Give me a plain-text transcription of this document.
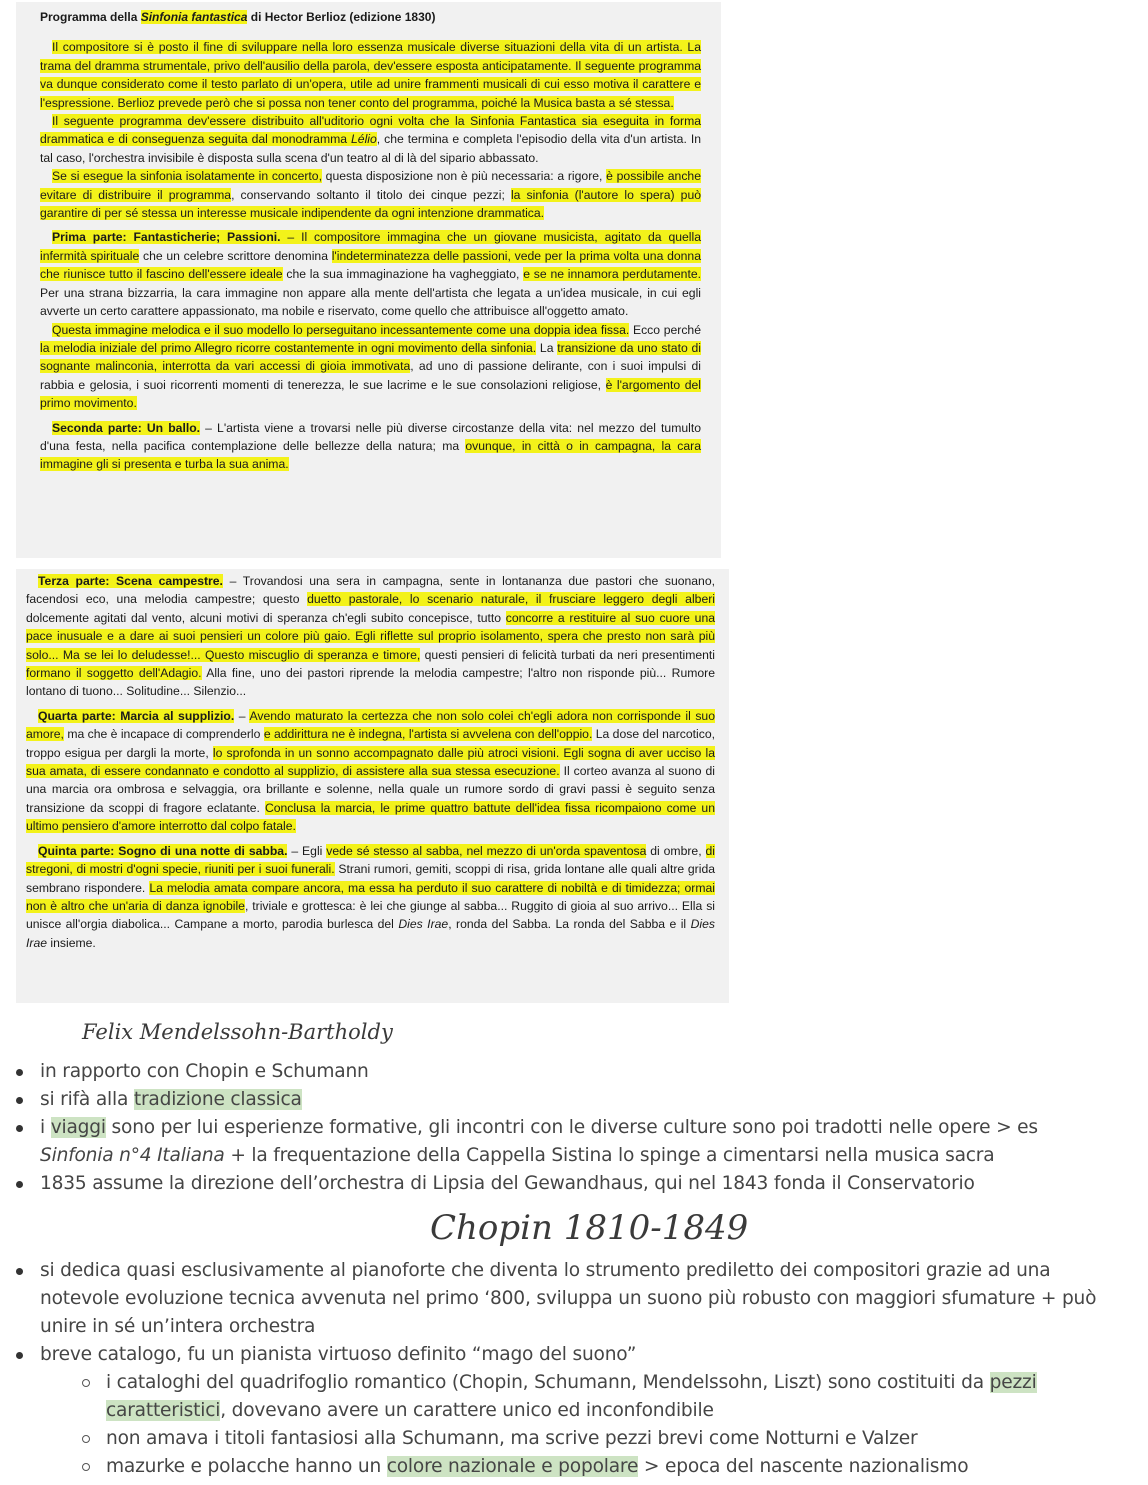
Programma della Sinfonia fantastica di Hector Berlioz (edizione 1830)

Il compositore si è posto il fine di sviluppare nella loro essenza musicale diverse situazioni della vita di un artista. La trama del dramma strumentale, privo dell'ausilio della parola, dev'essere esposta anticipatamente. Il seguente programma va dunque considerato come il testo parlato di un'opera, utile ad unire frammenti musicali di cui esso motiva il carattere e l'espressione. Berlioz prevede però che si possa non tener conto del programma, poiché la Musica basta a sé stessa.

Il seguente programma dev'essere distribuito all'uditorio ogni volta che la Sinfonia Fantastica sia eseguita in forma drammatica e di conseguenza seguita dal monodramma Lélio, che termina e completa l'episodio della vita d'un artista. In tal caso, l'orchestra invisibile è disposta sulla scena d'un teatro al di là del sipario abbassato.

Se si esegue la sinfonia isolatamente in concerto, questa disposizione non è più necessaria: a rigore, è possibile anche evitare di distribuire il programma, conservando soltanto il titolo dei cinque pezzi; la sinfonia (l'autore lo spera) può garantire di per sé stessa un interesse musicale indipendente da ogni intenzione drammatica.

Prima parte: Fantasticherie; Passioni. – Il compositore immagina che un giovane musicista, agitato da quella infermità spirituale che un celebre scrittore denomina l'indeterminatezza delle passioni, vede per la prima volta una donna che riunisce tutto il fascino dell'essere ideale che la sua immaginazione ha vagheggiato, e se ne innamora perdutamente. Per una strana bizzarria, la cara immagine non appare alla mente dell'artista che legata a un'idea musicale, in cui egli avverte un certo carattere appassionato, ma nobile e riservato, come quello che attribuisce all'oggetto amato.

Questa immagine melodica e il suo modello lo perseguitano incessantemente come una doppia idea fissa. Ecco perché la melodia iniziale del primo Allegro ricorre costantemente in ogni movimento della sinfonia. La transizione da uno stato di sognante malinconia, interrotta da vari accessi di gioia immotivata, ad uno di passione delirante, con i suoi impulsi di rabbia e gelosia, i suoi ricorrenti momenti di tenerezza, le sue lacrime e le sue consolazioni religiose, è l'argomento del primo movimento.

Seconda parte: Un ballo. – L'artista viene a trovarsi nelle più diverse circostanze della vita: nel mezzo del tumulto d'una festa, nella pacifica contemplazione delle bellezze della natura; ma ovunque, in città o in campagna, la cara immagine gli si presenta e turba la sua anima.

Terza parte: Scena campestre. – Trovandosi una sera in campagna, sente in lontananza due pastori che suonano, facendosi eco, una melodia campestre; questo duetto pastorale, lo scenario naturale, il frusciare leggero degli alberi dolcemente agitati dal vento, alcuni motivi di speranza ch'egli subito concepisce, tutto concorre a restituire al suo cuore una pace inusuale e a dare ai suoi pensieri un colore più gaio. Egli riflette sul proprio isolamento, spera che presto non sarà più solo... Ma se lei lo deludesse!... Questo miscuglio di speranza e timore, questi pensieri di felicità turbati da neri presentimenti formano il soggetto dell'Adagio. Alla fine, uno dei pastori riprende la melodia campestre; l'altro non risponde più... Rumore lontano di tuono... Solitudine... Silenzio...

Quarta parte: Marcia al supplizio. – Avendo maturato la certezza che non solo colei ch'egli adora non corrisponde il suo amore, ma che è incapace di comprenderlo e addirittura ne è indegna, l'artista si avvelena con dell'oppio. La dose del narcotico, troppo esigua per dargli la morte, lo sprofonda in un sonno accompagnato dalle più atroci visioni. Egli sogna di aver ucciso la sua amata, di essere condannato e condotto al supplizio, di assistere alla sua stessa esecuzione. Il corteo avanza al suono di una marcia ora ombrosa e selvaggia, ora brillante e solenne, nella quale un rumore sordo di gravi passi è seguito senza transizione da scoppi di fragore eclatante. Conclusa la marcia, le prime quattro battute dell'idea fissa ricompaiono come un ultimo pensiero d'amore interrotto dal colpo fatale.

Quinta parte: Sogno di una notte di sabba. – Egli vede sé stesso al sabba, nel mezzo di un'orda spaventosa di ombre, di stregoni, di mostri d'ogni specie, riuniti per i suoi funerali. Strani rumori, gemiti, scoppi di risa, grida lontane alle quali altre grida sembrano rispondere. La melodia amata compare ancora, ma essa ha perduto il suo carattere di nobiltà e di timidezza; ormai non è altro che un'aria di danza ignobile, triviale e grottesca: è lei che giunge al sabba... Ruggito di gioia al suo arrivo... Ella si unisce all'orgia diabolica... Campane a morto, parodia burlesca del Dies Irae, ronda del Sabba. La ronda del Sabba e il Dies Irae insieme.

Felix Mendelssohn-Bartholdy
in rapporto con Chopin e Schumann
si rifà alla tradizione classica
i viaggi sono per lui esperienze formative, gli incontri con le diverse culture sono poi tradotti nelle opere > es Sinfonia n°4 Italiana + la frequentazione della Cappella Sistina lo spinge a cimentarsi nella musica sacra
1835 assume la direzione dell’orchestra di Lipsia del Gewandhaus, qui nel 1843 fonda il Conservatorio
Chopin 1810-1849
si dedica quasi esclusivamente al pianoforte che diventa lo strumento prediletto dei compositori grazie ad una notevole evoluzione tecnica avvenuta nel primo ‘800, sviluppa un suono più robusto con maggiori sfumature + può unire in sé un’intera orchestra
breve catalogo, fu un pianista virtuoso definito “mago del suono”
i cataloghi del quadrifoglio romantico (Chopin, Schumann, Mendelssohn, Liszt) sono costituiti da pezzi caratteristici, dovevano avere un carattere unico ed inconfondibile
non amava i titoli fantasiosi alla Schumann, ma scrive pezzi brevi come Notturni e Valzer
mazurke e polacche hanno un colore nazionale e popolare > epoca del nascente nazionalismo
